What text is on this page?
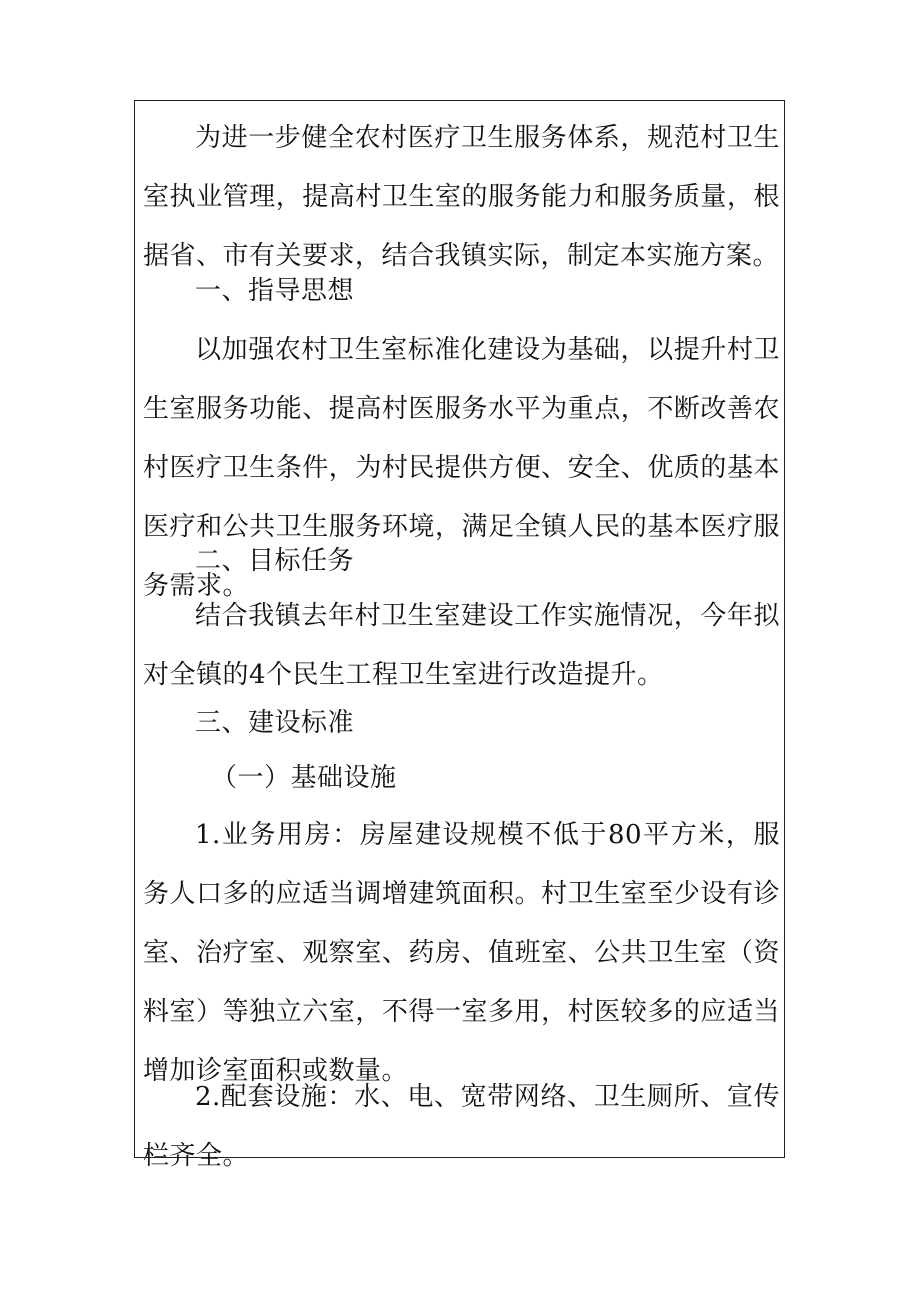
为进一步健全农村医疗卫生服务体系，规范村卫生室执业管理，提高村卫生室的服务能力和服务质量，根据省、市有关要求，结合我镇实际，制定本实施方案。

一、指导思想

以加强农村卫生室标准化建设为基础，以提升村卫生室服务功能、提高村医服务水平为重点，不断改善农村医疗卫生条件，为村民提供方便、安全、优质的基本医疗和公共卫生服务环境，满足全镇人民的基本医疗服务需求。

二、目标任务

结合我镇去年村卫生室建设工作实施情况，今年拟对全镇的4个民生工程卫生室进行改造提升。

三、建设标准

（一）基础设施

1.业务用房：房屋建设规模不低于80平方米，服务人口多的应适当调增建筑面积。村卫生室至少设有诊室、治疗室、观察室、药房、值班室、公共卫生室（资料室）等独立六室，不得一室多用，村医较多的应适当增加诊室面积或数量。

2.配套设施：水、电、宽带网络、卫生厕所、宣传栏齐全。
